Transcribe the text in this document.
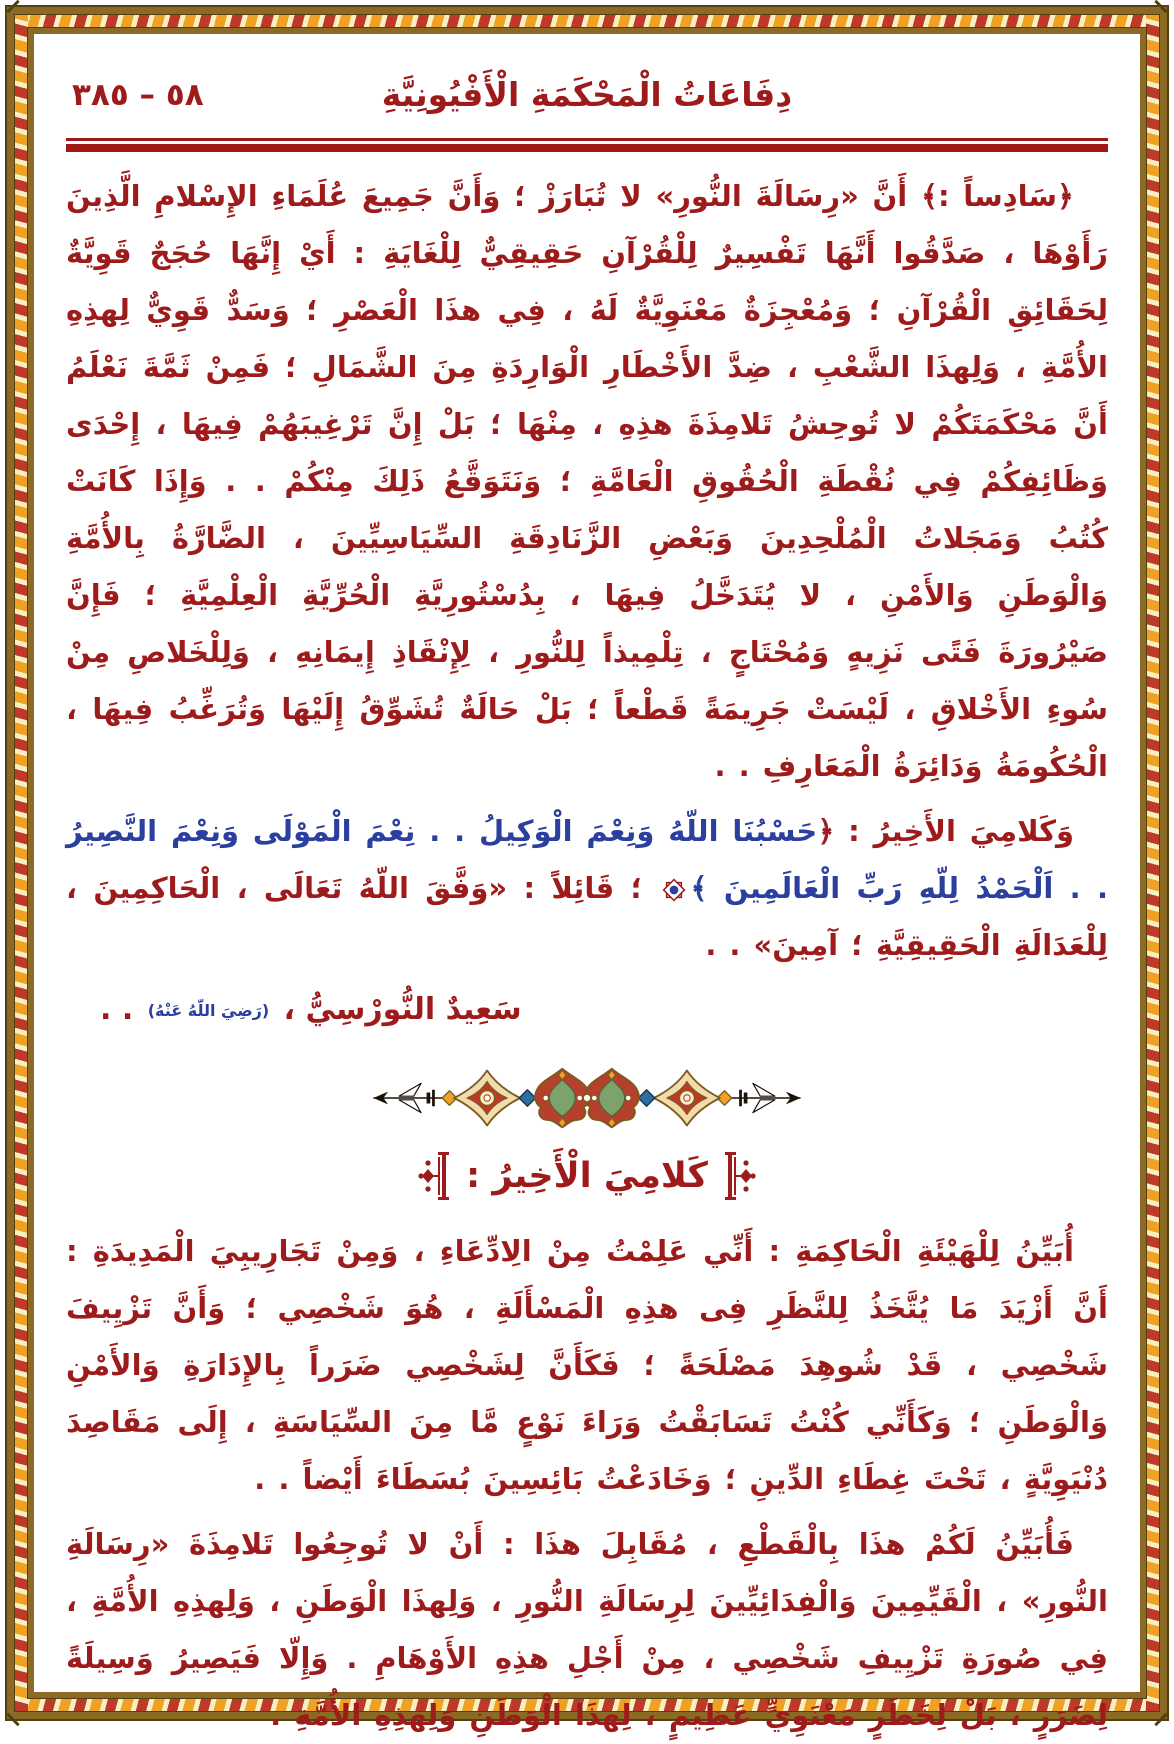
٥٨ – ٣٨٥	دِفَاعَاتُ الْمَحْكَمَةِ الْأَفْيُونِيَّةِ

﴿سَادِساً :﴾ أَنَّ «رِسَالَةَ النُّورِ» لا تُبَارَزْ ؛ وَأَنَّ جَمِيعَ عُلَمَاءِ الإِسْلامِ الَّذِينَ رَأَوْهَا ، صَدَّقُوا أَنَّهَا تَفْسِيرٌ لِلْقُرْآنِ حَقِيقِيٌّ لِلْغَايَةِ : أَيْ إِنَّهَا حُجَجٌ قَوِيَّةٌ لِحَقَائِقِ الْقُرْآنِ ؛ وَمُعْجِزَةٌ مَعْنَوِيَّةٌ لَهُ ، فِي هذَا الْعَصْرِ ؛ وَسَدٌّ قَوِيٌّ لِهذِهِ الأُمَّةِ ، وَلِهذَا الشَّعْبِ ، ضِدَّ الأَخْطَارِ الْوَارِدَةِ مِنَ الشَّمَالِ ؛ فَمِنْ ثَمَّةَ نَعْلَمُ أَنَّ مَحْكَمَتَكُمْ لا تُوحِشُ تَلامِذَةَ هذِهِ ، مِنْهَا ؛ بَلْ إِنَّ تَرْغِيبَهُمْ فِيهَا ، إِحْدَى وَظَائِفِكُمْ فِي نُقْطَةِ الْحُقُوقِ الْعَامَّةِ ؛ وَنَتَوَقَّعُ ذَلِكَ مِنْكُمْ . . وَإِذَا كَانَتْ كُتُبُ وَمَجَلاتُ الْمُلْحِدِينَ وَبَعْضِ الزَّنَادِقَةِ السِّيَاسِيِّينَ ، الضَّارَّةُ بِالأُمَّةِ وَالْوَطَنِ وَالأَمْنِ ، لا يُتَدَخَّلُ فِيهَا ، بِدُسْتُورِيَّةِ الْحُرِّيَّةِ الْعِلْمِيَّةِ ؛ فَإِنَّ صَيْرُورَةَ فَتًى نَزِيهٍ وَمُحْتَاجٍ ، تِلْمِيذاً لِلنُّورِ ، لِإِنْقَاذِ إِيمَانِهِ ، وَلِلْخَلاصِ مِنْ سُوءِ الأَخْلاقِ ، لَيْسَتْ جَرِيمَةً قَطْعاً ؛ بَلْ حَالَةٌ تُشَوِّقُ إِلَيْهَا وَتُرَغِّبُ فِيهَا ، الْحُكُومَةُ وَدَائِرَةُ الْمَعَارِفِ . .

وَكَلامِيَ الأَخِيرُ : ﴿حَسْبُنَا اللّهُ وَنِعْمَ الْوَكِيلُ . . نِعْمَ الْمَوْلَى وَنِعْمَ النَّصِيرُ . . اَلْحَمْدُ لِلّهِ رَبِّ الْعَالَمِينَ ﴾ ؛ قَائِلاً : «وَفَّقَ اللّهُ تَعَالَى ، الْحَاكِمِينَ ، لِلْعَدَالَةِ الْحَقِيقِيَّةِ ؛ آمِينَ» . .

سَعِيدٌ النُّورْسِيُّ ، (رَضِيَ اللّهُ عَنْهُ) . .
كَلامِيَ الْأَخِيرُ :

أُبَيِّنُ لِلْهَيْئَةِ الْحَاكِمَةِ : أَنِّي عَلِمْتُ مِنْ الِادِّعَاءِ ، وَمِنْ تَجَارِيبِيَ الْمَدِيدَةِ : أَنَّ أَزْيَدَ مَا يُتَّخَذُ لِلنَّظَرِ فِى هذِهِ الْمَسْأَلَةِ ، هُوَ شَخْصِي ؛ وَأَنَّ تَزْيِيفَ شَخْصِي ، قَدْ شُوهِدَ مَصْلَحَةً ؛ فَكَأَنَّ لِشَخْصِي ضَرَراً بِالإِدَارَةِ وَالأَمْنِ وَالْوَطَنِ ؛ وَكَأَنِّي كُنْتُ تَسَابَقْتُ وَرَاءَ نَوْعٍ مَّا مِنَ السِّيَاسَةِ ، إِلَى مَقَاصِدَ دُنْيَوِيَّةٍ ، تَحْتَ غِطَاءِ الدِّينِ ؛ وَخَادَعْتُ بَائِسِينَ بُسَطَاءَ أَيْضاً . .

فَأُبَيِّنُ لَكُمْ هذَا بِالْقَطْعِ ، مُقَابِلَ هذَا : أَنْ لا تُوجِعُوا تَلامِذَةَ «رِسَالَةِ النُّورِ» ، الْقَيِّمِينَ وَالْفِدَائِيِّينَ لِرِسَالَةِ النُّورِ ، وَلِهذَا الْوَطَنِ ، وَلِهذِهِ الأُمَّةِ ، فِي صُورَةِ تَزْيِيفِ شَخْصِي ، مِنْ أَجْلِ هذِهِ الأَوْهَامِ . وَإِلّا فَيَصِيرُ وَسِيلَةً لِضَرَرٍ ، بَلْ لِخَطَرٍ مَعْنَوِيٍّ عَظِيمٍ ، لِهذَا الْوَطَنِ وَلِهذِهِ الأُمَّةِ .
